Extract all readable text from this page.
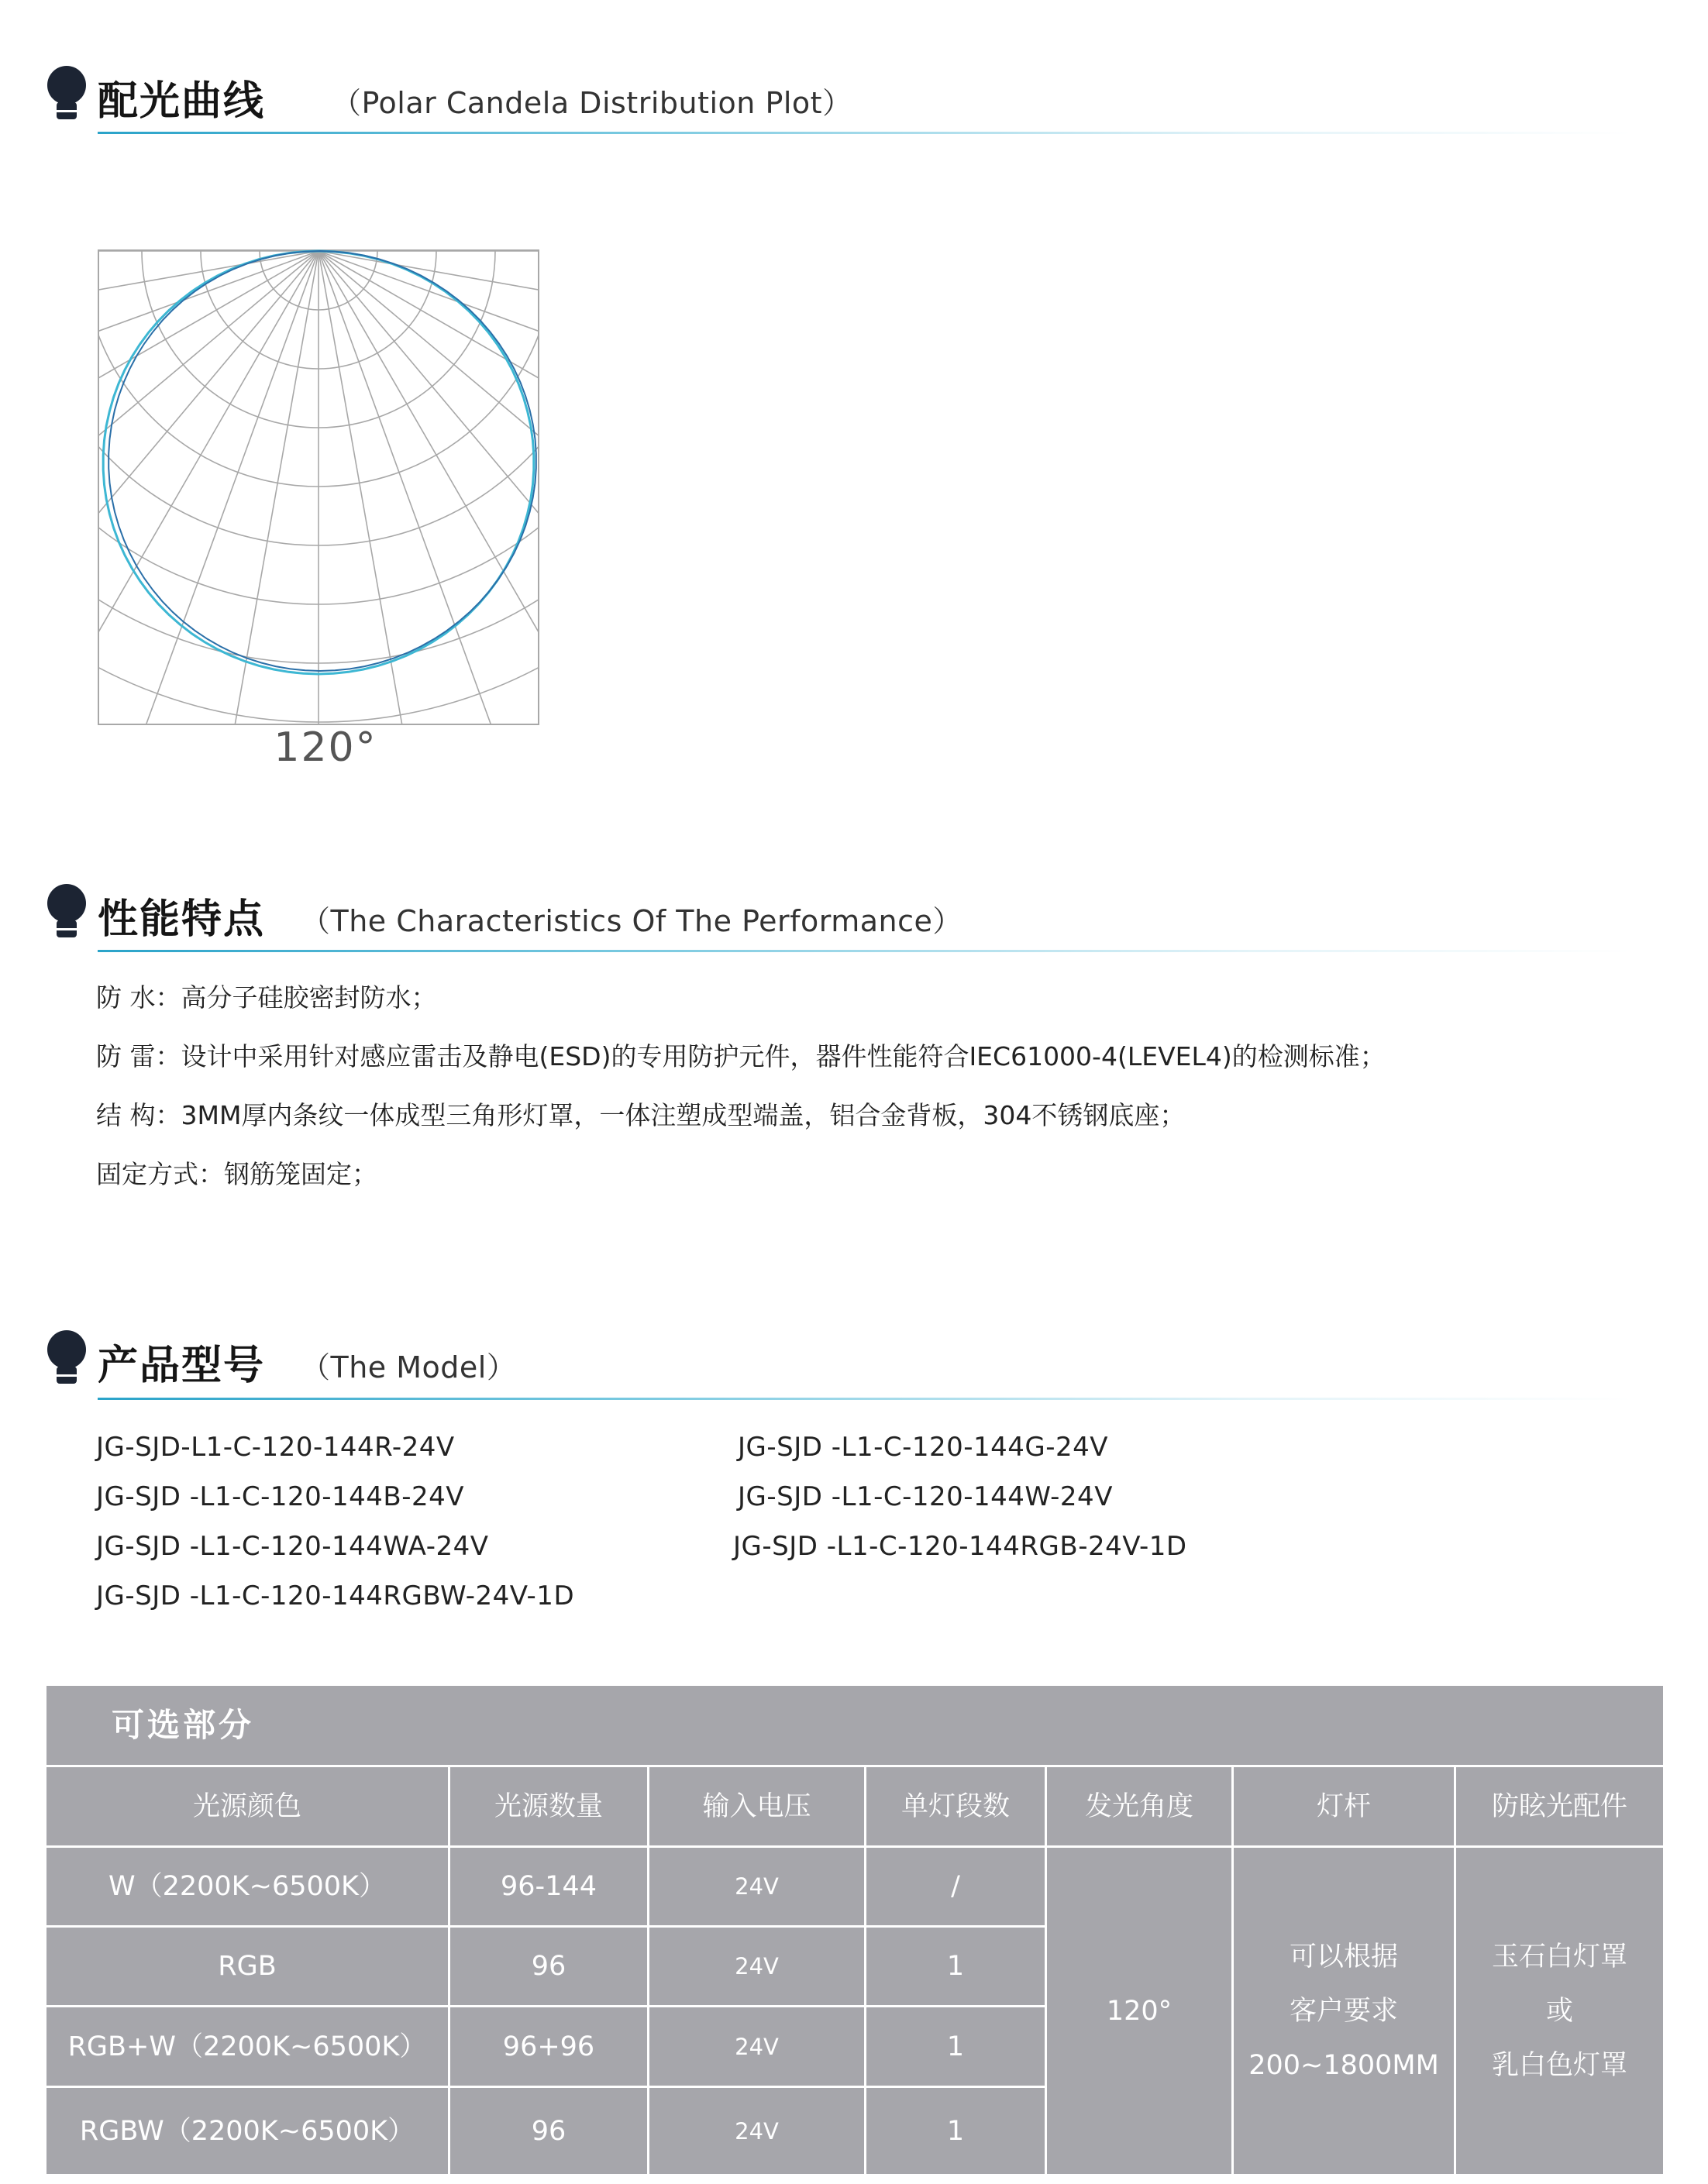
配光曲线 （Polar Candela Distribution Plot）
120°
性能特点 （The Characteristics Of The Performance）
防 水：高分子硅胶密封防水；
防 雷：设计中采用针对感应雷击及静电(ESD)的专用防护元件，器件性能符合IEC61000-4(LEVEL4)的检测标准；
结 构：3MM厚内条纹一体成型三角形灯罩，一体注塑成型端盖，铝合金背板，304不锈钢底座；
固定方式：钢筋笼固定；
产品型号 （The Model）
JG-SJD-L1-C-120-144R-24V	JG-SJD -L1-C-120-144G-24V
JG-SJD -L1-C-120-144B-24V	JG-SJD -L1-C-120-144W-24V
JG-SJD -L1-C-120-144WA-24V	JG-SJD -L1-C-120-144RGB-24V-1D
JG-SJD -L1-C-120-144RGBW-24V-1D
可选部分
光源颜色	光源数量	输入电压	单灯段数	发光角度	灯杆	防眩光配件
W（2200K~6500K）	96-144	24V	/
RGB	96	24V	1
RGB+W（2200K~6500K）	96+96	24V	1
RGBW（2200K~6500K）	96	24V	1
120°
可以根据
客户要求
200~1800MM
玉石白灯罩
或
乳白色灯罩
